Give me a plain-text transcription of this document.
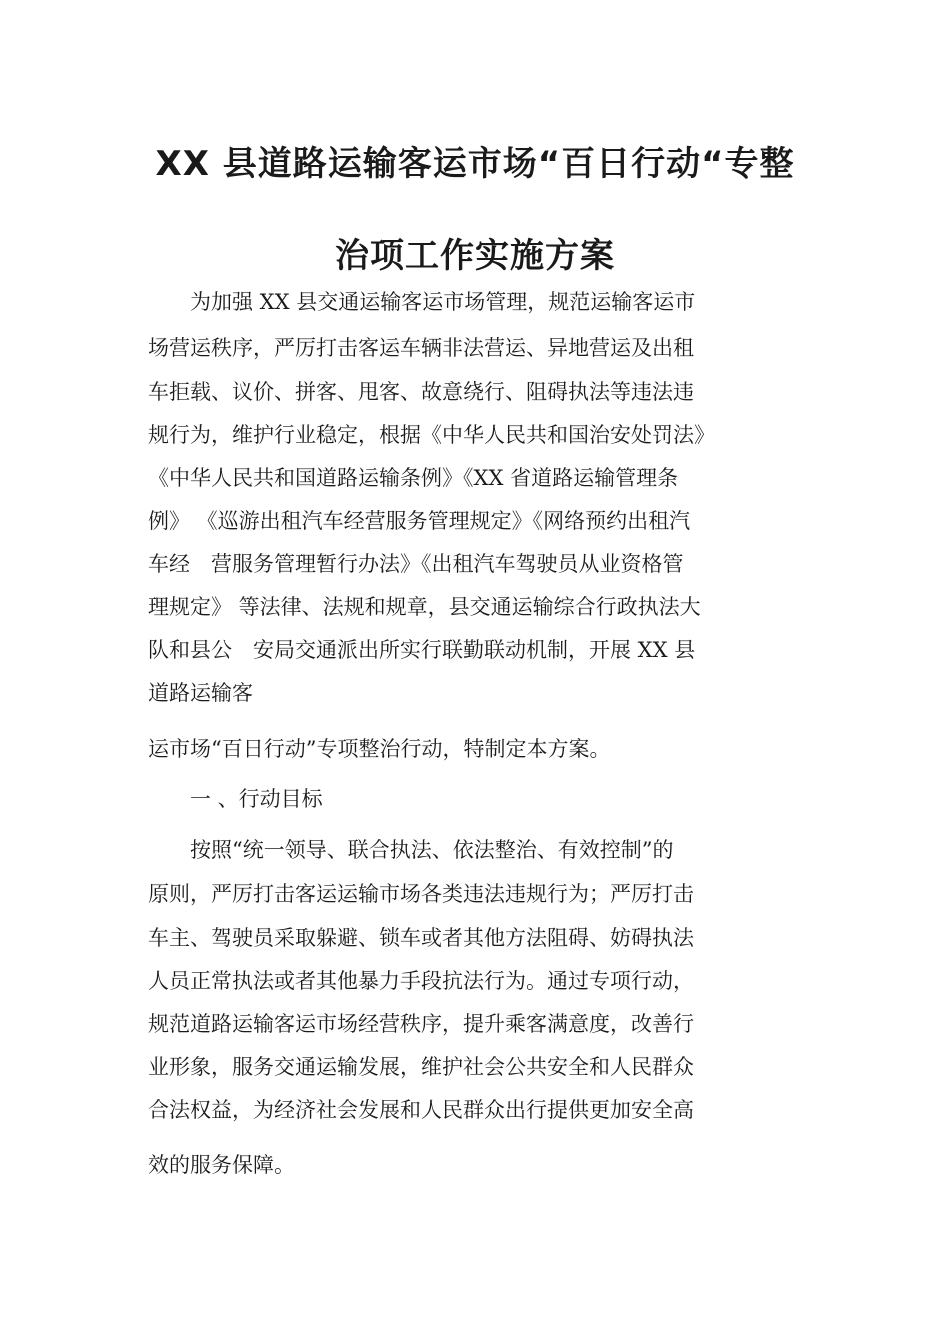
XX 县道路运输客运市场“百日行动“专整
治项工作实施方案
　　为加强 XX 县交通运输客运市场管理，规范运输客运市
场营运秩序，严厉打击客运车辆非法营运、异地营运及出租
车拒载、议价、拼客、甩客、故意绕行、阻碍执法等违法违
规行为，维护行业稳定，根据《中华人民共和国治安处罚法》
《中华人民共和国道路运输条例》《XX 省道路运输管理条
例》 《巡游出租汽车经营服务管理规定》《网络预约出租汽
车经　营服务管理暂行办法》《出租汽车驾驶员从业资格管
理规定》 等法律、法规和规章，县交通运输综合行政执法大
队和县公　安局交通派出所实行联勤联动机制，开展 XX 县
道路运输客
运市场“百日行动”专项整治行动，特制定本方案。
　　一 、行动目标
　　按照“统一领导、联合执法、依法整治、有效控制”的
原则，严厉打击客运运输市场各类违法违规行为；严厉打击
车主、驾驶员采取躲避、锁车或者其他方法阻碍、妨碍执法
人员正常执法或者其他暴力手段抗法行为。通过专项行动，
规范道路运输客运市场经营秩序，提升乘客满意度，改善行
业形象，服务交通运输发展，维护社会公共安全和人民群众
合法权益，为经济社会发展和人民群众出行提供更加安全高
效的服务保障。
